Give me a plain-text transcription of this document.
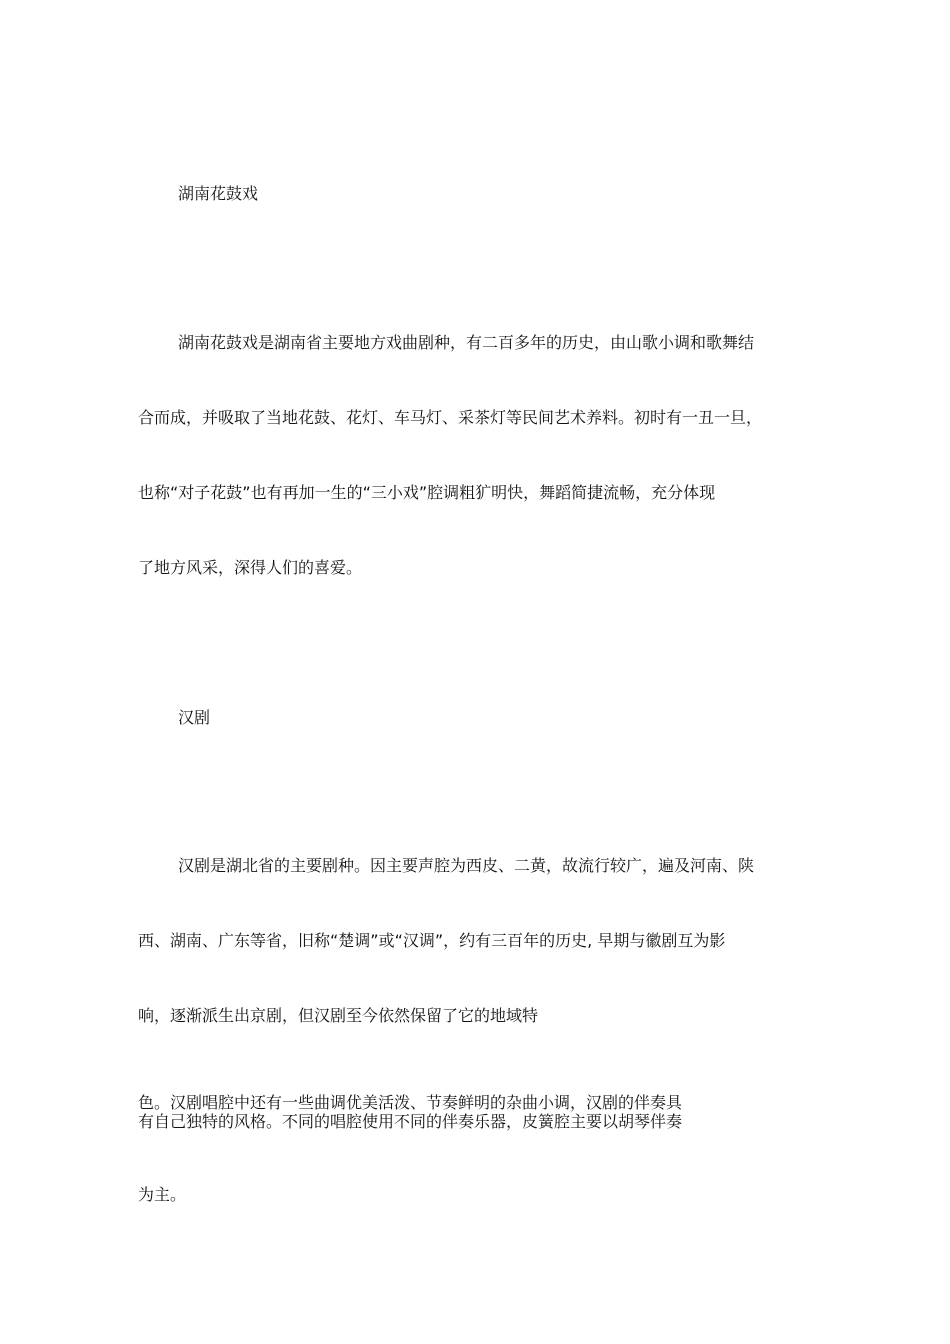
湖南花鼓戏
湖南花鼓戏是湖南省主要地方戏曲剧种，有二百多年的历史，由山歌小调和歌舞结
合而成，并吸取了当地花鼓、花灯、车马灯、采茶灯等民间艺术养料。初时有一丑一旦，
也称“对子花鼓”也有再加一生的“三小戏”腔调粗犷明快，舞蹈简捷流畅，充分体现
了地方风采，深得人们的喜爱。
汉剧
汉剧是湖北省的主要剧种。因主要声腔为西皮、二黄，故流行较广，遍及河南、陕
西、湖南、广东等省，旧称“楚调”或“汉调”，约有三百年的历史, 早期与徽剧互为影
响，逐渐派生出京剧，但汉剧至今依然保留了它的地域特
色。汉剧唱腔中还有一些曲调优美活泼、节奏鲜明的杂曲小调，汉剧的伴奏具
有自己独特的风格。不同的唱腔使用不同的伴奏乐器，皮簧腔主要以胡琴伴奏
为主。
